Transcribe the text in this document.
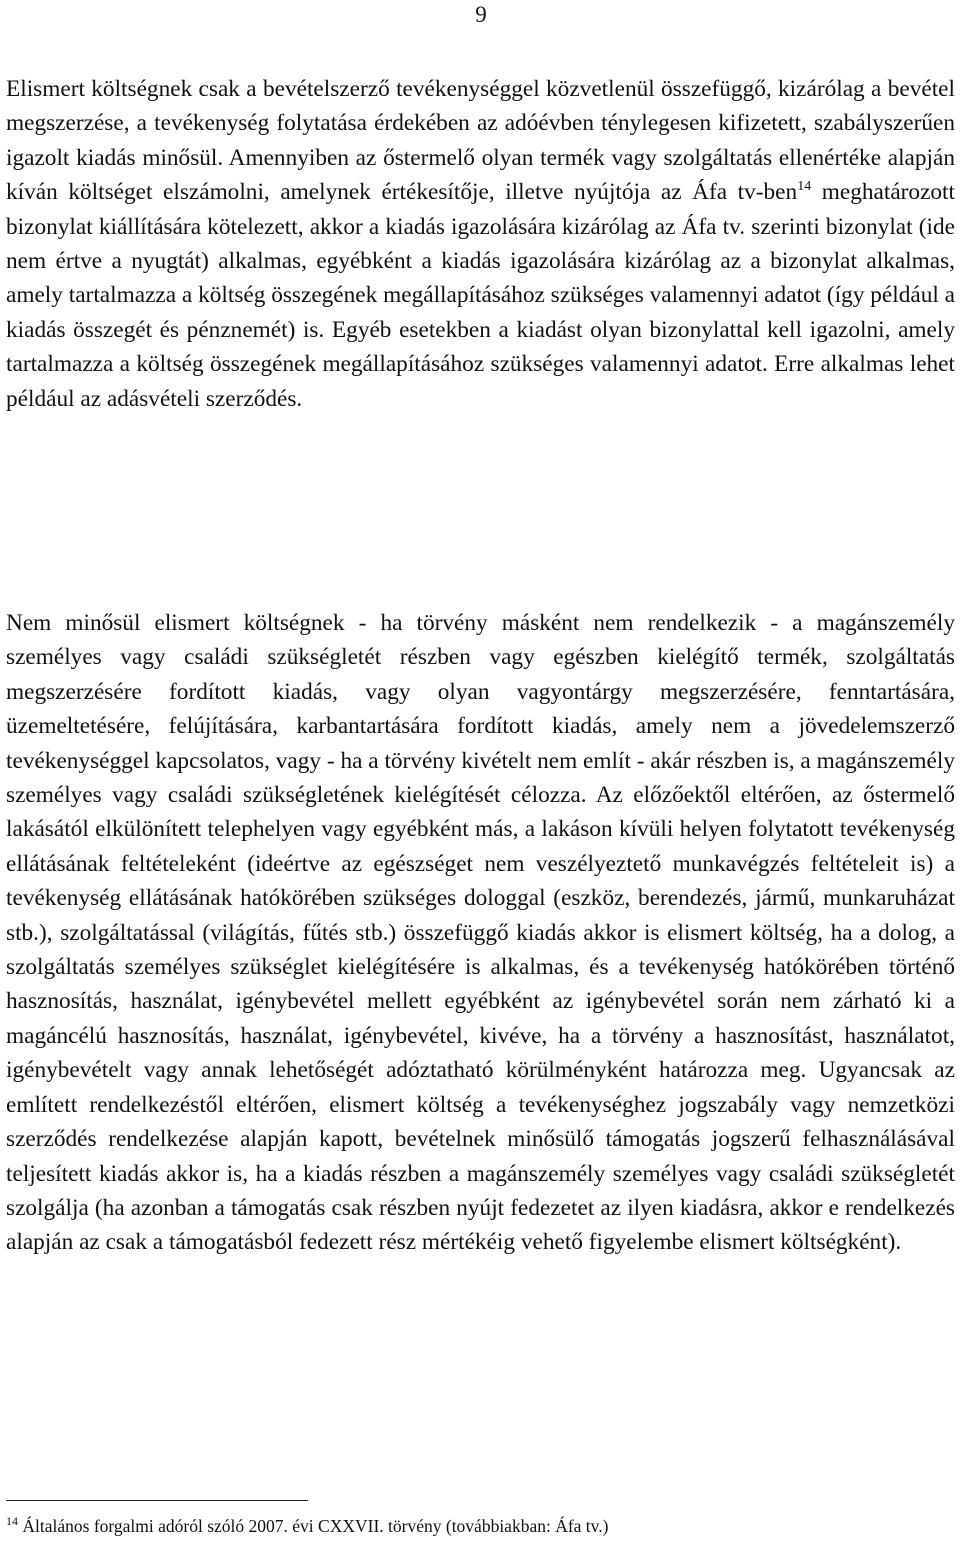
9

Elismert költségnek csak a bevételszerző tevékenységgel közvetlenül összefüggő, kizárólag a bevétel megszerzése, a tevékenység folytatása érdekében az adóévben ténylegesen kifizetett, szabályszerűen igazolt kiadás minősül. Amennyiben az őstermelő olyan termék vagy szolgáltatás ellenértéke alapján kíván költséget elszámolni, amelynek értékesítője, illetve nyújtója az Áfa tv-ben$^{14}$ meghatározott bizonylat kiállítására kötelezett, akkor a kiadás igazolására kizárólag az Áfa tv. szerinti bizonylat (ide nem értve a nyugtát) alkalmas, egyébként a kiadás igazolására kizárólag az a bizonylat alkalmas, amely tartalmazza a költség összegének megállapításához szükséges valamennyi adatot (így például a kiadás összegét és pénznemét) is. Egyéb esetekben a kiadást olyan bizonylattal kell igazolni, amely tartalmazza a költség összegének megállapításához szükséges valamennyi adatot. Erre alkalmas lehet például az adásvételi szerződés.

Nem minősül elismert költségnek - ha törvény másként nem rendelkezik - a magánszemély személyes vagy családi szükségletét részben vagy egészben kielégítő termék, szolgáltatás megszerzésére fordított kiadás, vagy olyan vagyontárgy megszerzésére, fenntartására, üzemeltetésére, felújítására, karbantartására fordított kiadás, amely nem a jövedelemszerző tevékenységgel kapcsolatos, vagy - ha a törvény kivételt nem említ - akár részben is, a magánszemély személyes vagy családi szükségletének kielégítését célozza. Az előzőektől eltérően, az őstermelő lakásától elkülönített telephelyen vagy egyébként más, a lakáson kívüli helyen folytatott tevékenység ellátásának feltételeként (ideértve az egészséget nem veszélyeztető munkavégzés feltételeit is) a tevékenység ellátásának hatókörében szükséges dologgal (eszköz, berendezés, jármű, munkaruházat stb.), szolgáltatással (világítás, fűtés stb.) összefüggő kiadás akkor is elismert költség, ha a dolog, a szolgáltatás személyes szükséglet kielégítésére is alkalmas, és a tevékenység hatókörében történő hasznosítás, használat, igénybevétel mellett egyébként az igénybevétel során nem zárható ki a magáncélú hasznosítás, használat, igénybevétel, kivéve, ha a törvény a hasznosítást, használatot, igénybevételt vagy annak lehetőségét adóztatható körülményként határozza meg. Ugyancsak az említett rendelkezéstől eltérően, elismert költség a tevékenységhez jogszabály vagy nemzetközi szerződés rendelkezése alapján kapott, bevételnek minősülő támogatás jogszerű felhasználásával teljesített kiadás akkor is, ha a kiadás részben a magánszemély személyes vagy családi szükségletét szolgálja (ha azonban a támogatás csak részben nyújt fedezetet az ilyen kiadásra, akkor e rendelkezés alapján az csak a támogatásból fedezett rész mértékéig vehető figyelembe elismert költségként).

$^{14}$ Általános forgalmi adóról szóló 2007. évi CXXVII. törvény (továbbiakban: Áfa tv.)
